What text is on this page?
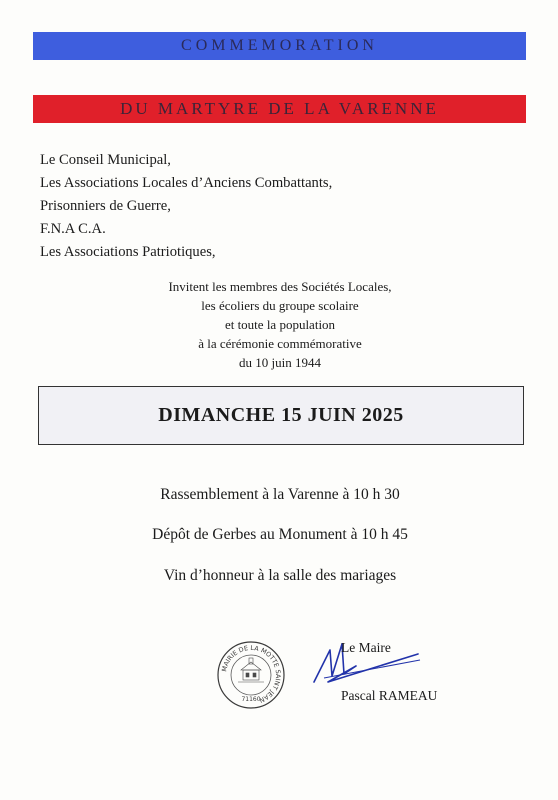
COMMEMORATION
DU MARTYRE DE LA VARENNE
Le Conseil Municipal,
Les Associations Locales d’Anciens Combattants,
Prisonniers de Guerre,
F.N.A C.A.
Les Associations Patriotiques,
Invitent les membres des Sociétés Locales,
les écoliers du groupe scolaire
et toute la population
à la cérémonie commémorative
du 10 juin 1944
DIMANCHE 15 JUIN 2025
Rassemblement à la Varenne à 10 h 30
Dépôt de Gerbes au Monument à 10 h 45
Vin d’honneur à la salle des mariages
MAIRIE DE LA MOTTE SAINT JEAN
71160
Le Maire
Pascal RAMEAU
